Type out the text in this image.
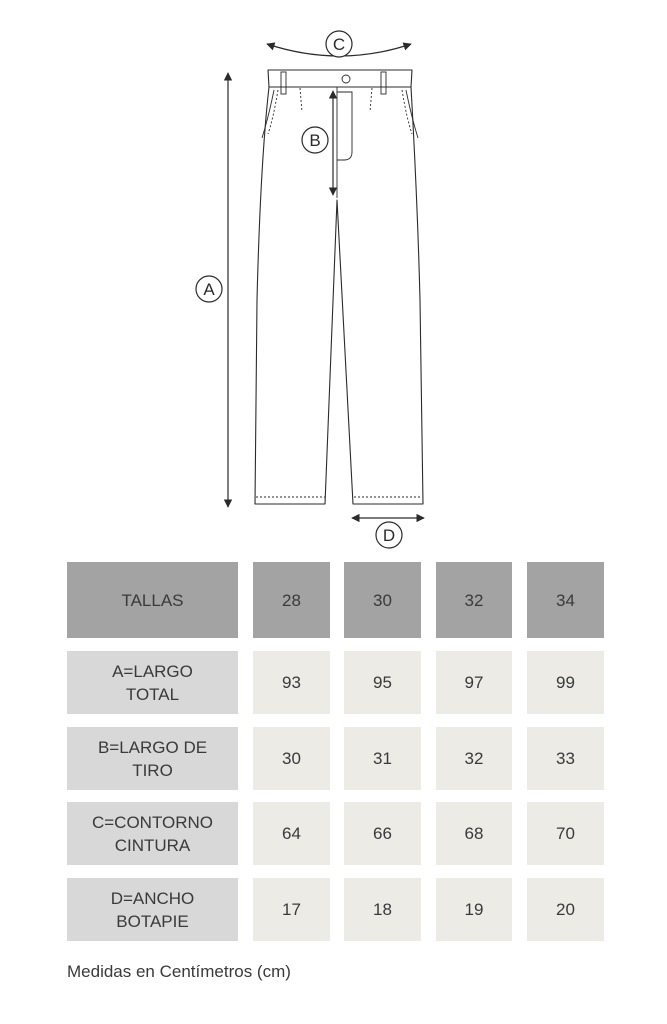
A
B
C
D
TALLAS	28	30	32	34
A=LARGO
TOTAL
93	95	97	99
B=LARGO DE
TIRO
30	31	32	33
C=CONTORNO
CINTURA
64	66	68	70
D=ANCHO
BOTAPIE
17	18	19	20
Medidas en Centímetros (cm)
